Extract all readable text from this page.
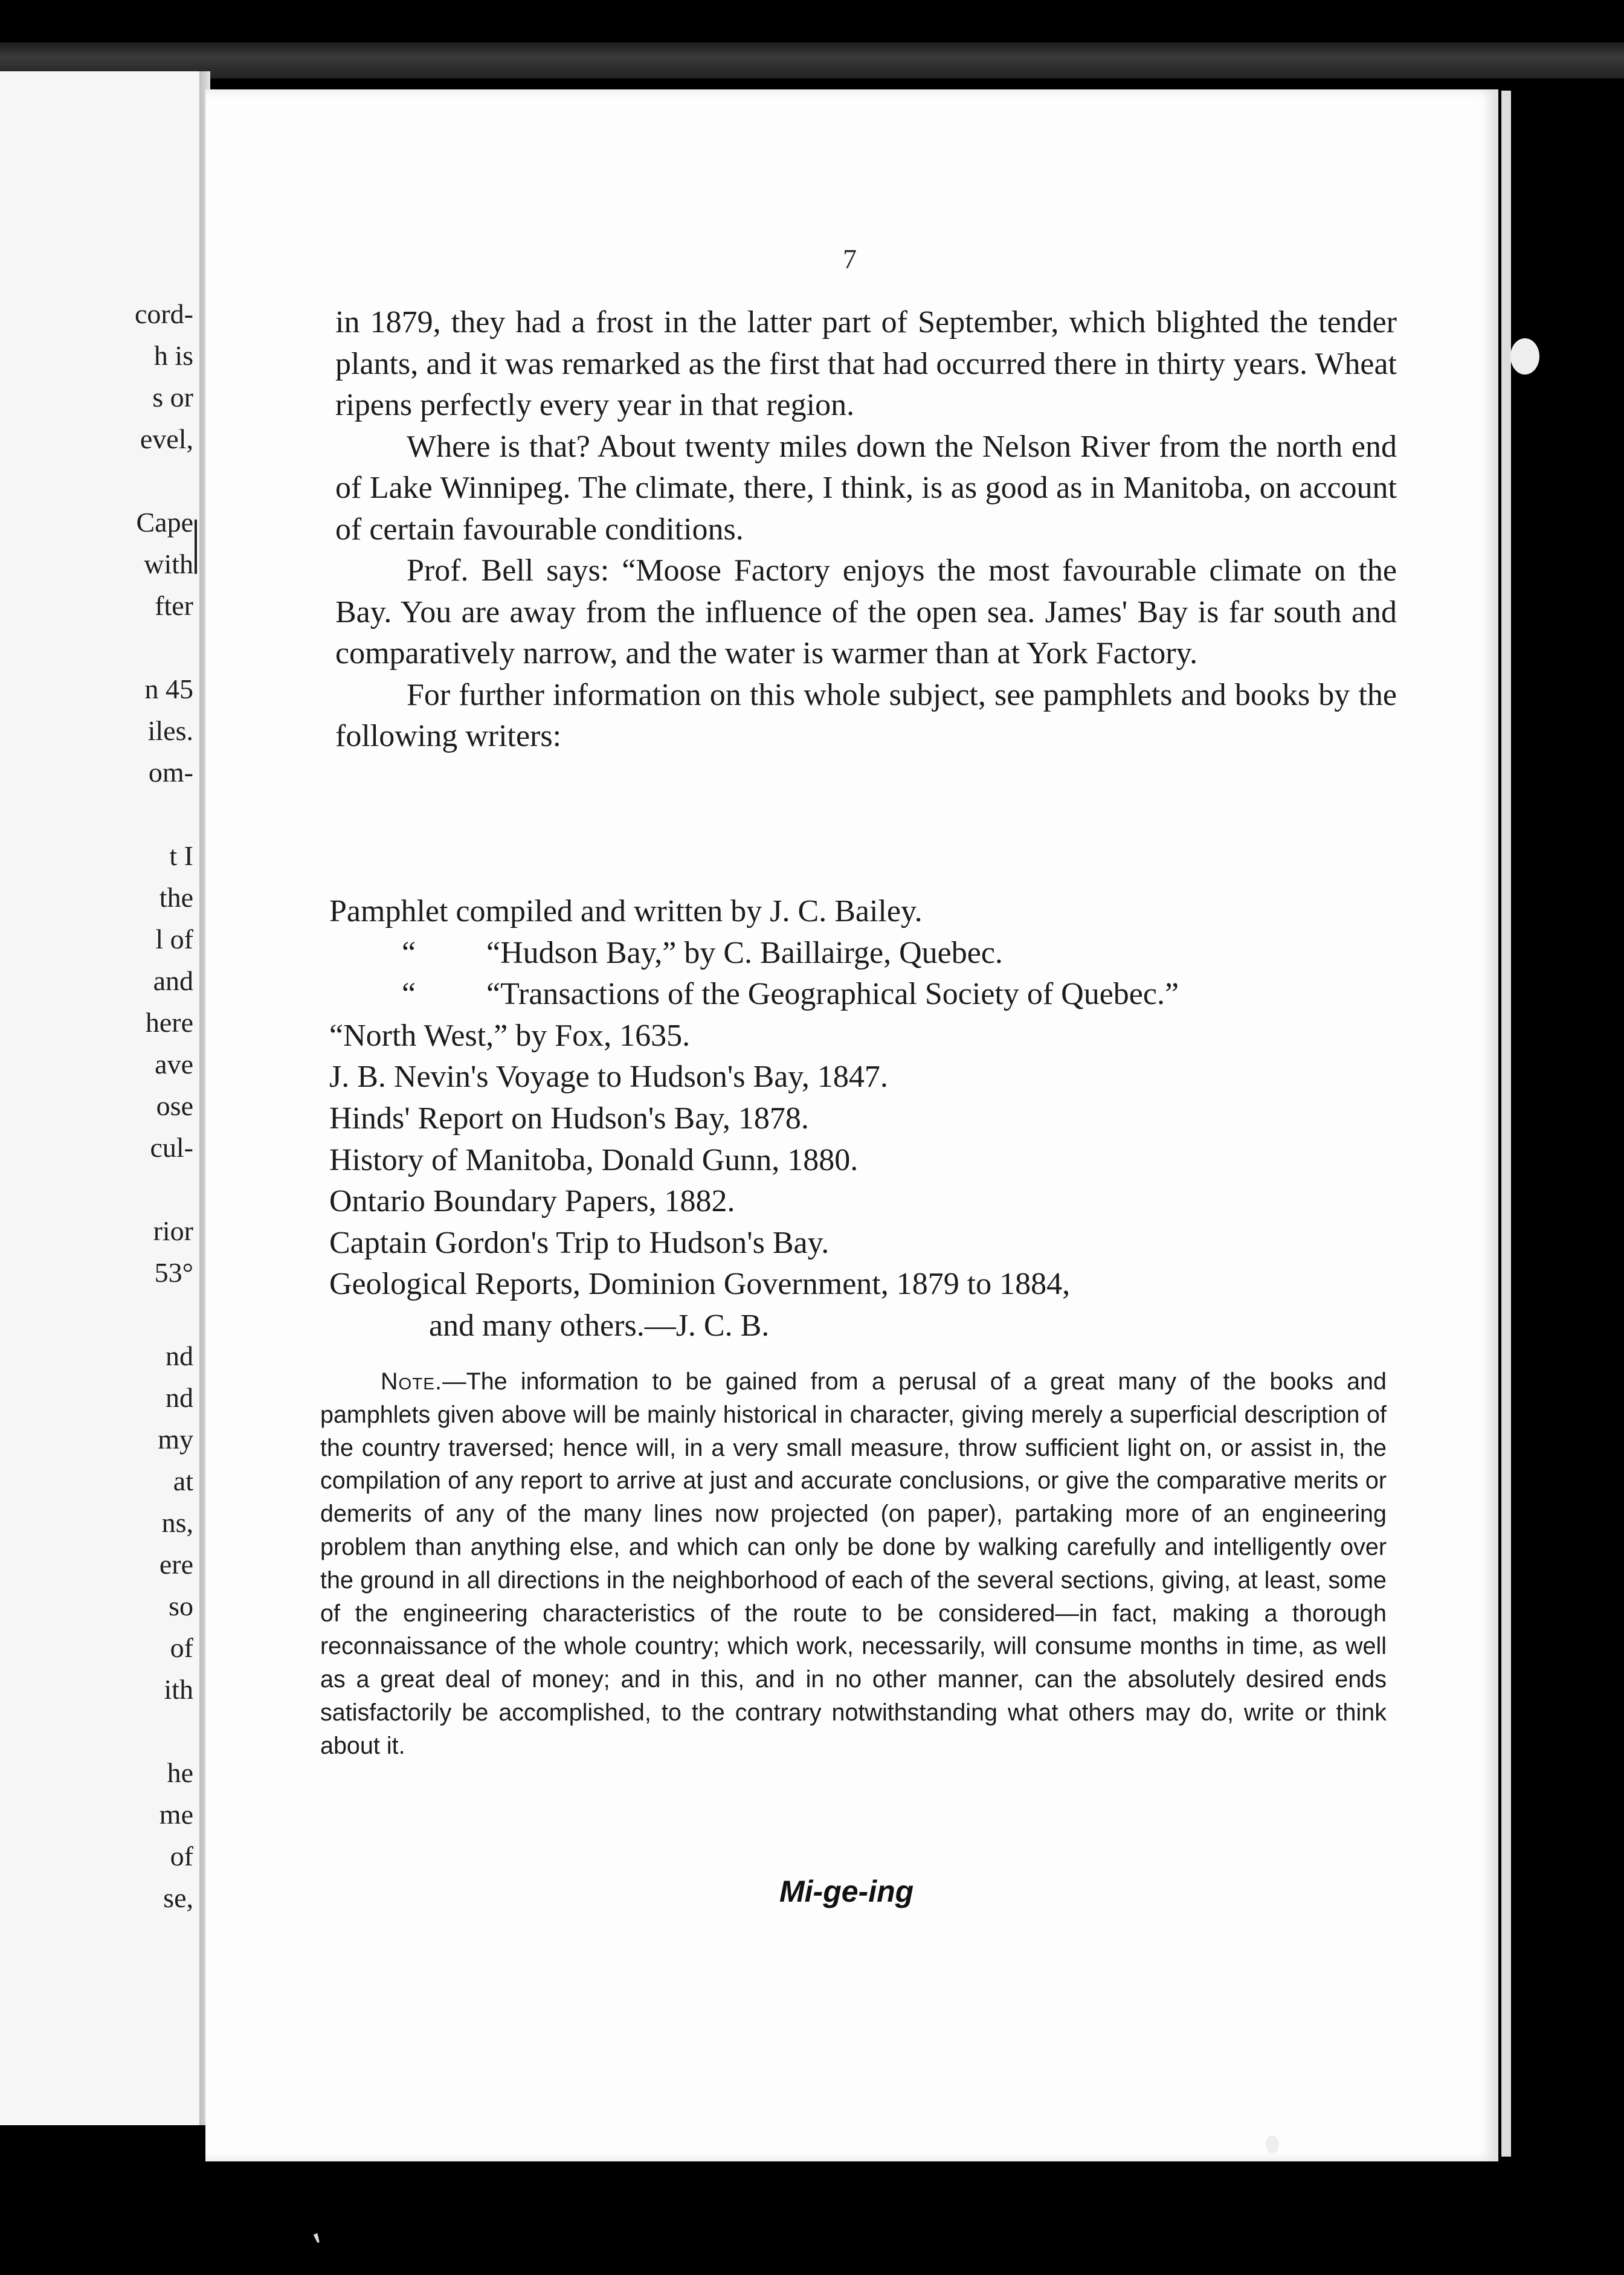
cord-
h is
s or
evel,
Cape
with
fter
n 45
iles.
om-
t I
the
l of
and
here
ave
ose
cul-
rior
53°
nd
nd
my
at
ns,
ere
so
of
ith
he
me
of
se,
7

in 1879, they had a frost in the latter part of September, which blighted the tender plants, and it was remarked as the first that had occurred there in thirty years. Wheat ripens perfectly every year in that region.

Where is that? About twenty miles down the Nelson River from the north end of Lake Winnipeg. The climate, there, I think, is as good as in Manitoba, on account of certain favourable conditions.

Prof. Bell says: “Moose Factory enjoys the most favourable climate on the Bay. You are away from the influence of the open sea. James' Bay is far south and comparatively narrow, and the water is warmer than at York Factory.

For further information on this whole subject, see pamphlets and books by the following writers:

Pamphlet compiled and written by J. C. Bailey.
“ “Hudson Bay,” by C. Baillairge, Quebec.
“ “Transactions of the Geographical Society of Quebec.”
“North West,” by Fox, 1635.
J. B. Nevin's Voyage to Hudson's Bay, 1847.
Hinds' Report on Hudson's Bay, 1878.
History of Manitoba, Donald Gunn, 1880.
Ontario Boundary Papers, 1882.
Captain Gordon's Trip to Hudson's Bay.
Geological Reports, Dominion Government, 1879 to 1884,
and many others.—J. C. B.
Note.—The information to be gained from a perusal of a great many of the books and pamphlets given above will be mainly historical in character, giving merely a superficial description of the country traversed; hence will, in a very small measure, throw sufficient light on, or assist in, the compilation of any report to arrive at just and accurate conclusions, or give the comparative merits or demerits of any of the many lines now projected (on paper), partaking more of an engineering problem than anything else, and which can only be done by walking carefully and intelligently over the ground in all directions in the neighborhood of each of the several sections, giving, at least, some of the engineering characteristics of the route to be considered—in fact, making a thorough reconnaissance of the whole country; which work, necessarily, will consume months in time, as well as a great deal of money; and in this, and in no other manner, can the absolutely desired ends satisfactorily be accomplished, to the contrary notwithstanding what others may do, write or think about it.
Mi-ge-ing
ᡃ
